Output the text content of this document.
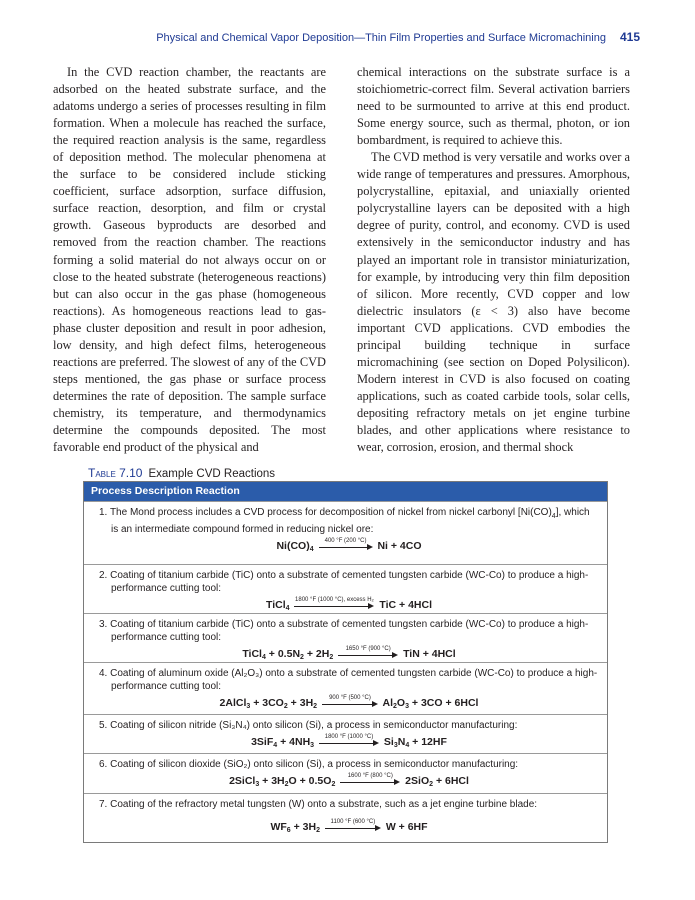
Physical and Chemical Vapor Deposition—Thin Film Properties and Surface Micromachining 415

In the CVD reaction chamber, the reactants are adsorbed on the heated substrate surface, and the adatoms undergo a series of processes resulting in film formation. When a molecule has reached the surface, the required reaction analysis is the same, regardless of deposition method. The molecular phenomena at the surface to be considered include sticking coefficient, surface adsorption, surface diffusion, surface reaction, desorption, and film or crystal growth. Gaseous byproducts are desorbed and removed from the reaction chamber. The reactions forming a solid material do not always occur on or close to the heated substrate (heterogeneous reactions) but can also occur in the gas phase (homogeneous reactions). As homogeneous reactions lead to gas-phase cluster deposition and result in poor adhesion, low density, and high defect films, heterogeneous reactions are preferred. The slowest of any of the CVD steps mentioned, the gas phase or surface process determines the rate of deposition. The sample surface chemistry, its temperature, and thermodynamics determine the compounds deposited. The most favorable end product of the physical and

chemical interactions on the substrate surface is a stoichiometric-correct film. Several activation barriers need to be surmounted to arrive at this end product. Some energy source, such as thermal, photon, or ion bombardment, is required to achieve this.

The CVD method is very versatile and works over a wide range of temperatures and pressures. Amorphous, polycrystalline, epitaxial, and uniaxially oriented polycrystalline layers can be deposited with a high degree of purity, control, and economy. CVD is used extensively in the semiconductor industry and has played an important role in transistor miniaturization, for example, by introducing very thin film deposition of silicon. More recently, CVD copper and low dielectric insulators (ε < 3) also have become important CVD applications. CVD embodies the principal building technique in surface micromachining (see section on Doped Polysilicon). Modern interest in CVD is also focused on coating applications, such as coated carbide tools, solar cells, depositing refractory metals on jet engine turbine blades, and other applications where resistance to wear, corrosion, erosion, and thermal shock

Table 7.10 Example CVD Reactions
Process Description Reaction
1. The Mond process includes a CVD process for decomposition of nickel from nickel carbonyl $[Ni(CO)_4]$, which is an intermediate compound formed in reducing nickel ore:
$Ni(CO)_4$
400 °F (200 °C) Ni + 4CO
2. Coating of titanium carbide (TiC) onto a substrate of cemented tungsten carbide (WC-Co) to produce a high-performance cutting tool:
TiCl$_4$
1800 °F (1000 °C), excess H₂ TiC + 4HCl
3. Coating of titanium carbide (TiC) onto a substrate of cemented tungsten carbide (WC-Co) to produce a high-performance cutting tool:
TiCl$_4$ + $0.5N_2 + 2H_2$
1650 °F (900 °C) TiN + 4HCl
4. Coating of aluminum oxide (Al₂O₃) onto a substrate of cemented tungsten carbide (WC-Co) to produce a high-performance cutting tool:
2AlCl$_3$ + $3CO_2 + 3H_2$
900 °F (500 °C) $Al_2O_3 + 3CO + 6HCl$
5. Coating of silicon nitride (Si₃N₄) onto silicon (Si), a process in semiconductor manufacturing:
$3SiF_4 + 4NH_3$
1800 °F (1000 °C) $Si_3N_4 + 12HF$
6. Coating of silicon dioxide (SiO₂) onto silicon (Si), a process in semiconductor manufacturing:
2SiCl$_3$ + $3H_2O + 0.5O_2$
1600 °F (800 °C) 2SiO$_2$ + 6HCl
7. Coating of the refractory metal tungsten (W) onto a substrate, such as a jet engine turbine blade:
$WF_6 + 3H_2$
1100 °F (600 °C) W + 6HF
